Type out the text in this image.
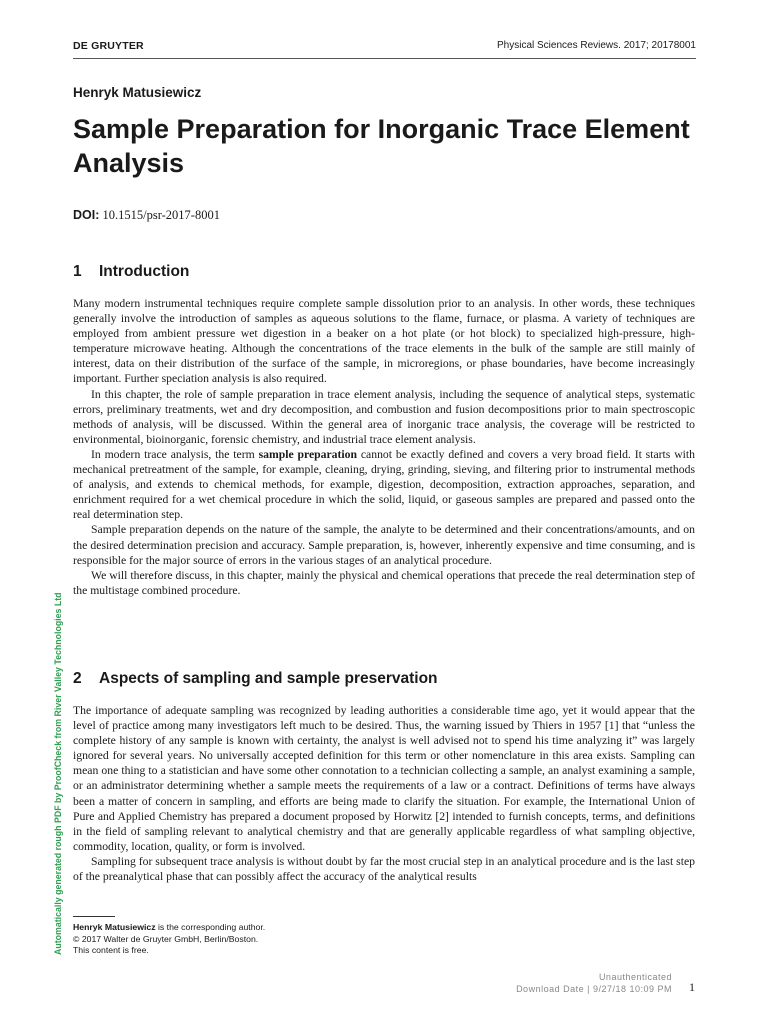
DE GRUYTER	Physical Sciences Reviews. 2017; 20178001
Henryk Matusiewicz
Sample Preparation for Inorganic Trace Element Analysis
DOI: 10.1515/psr-2017-8001
1 Introduction

Many modern instrumental techniques require complete sample dissolution prior to an analysis. In other words, these techniques generally involve the introduction of samples as aqueous solutions to the flame, furnace, or plasma. A variety of techniques are employed from ambient pressure wet digestion in a beaker on a hot plate (or hot block) to specialized high-pressure, high-temperature microwave heating. Although the concentrations of the trace elements in the bulk of the sample are still mainly of interest, data on their distribution of the surface of the sample, in microregions, or phase boundaries, have become increasingly important. Further speciation analysis is also required.

In this chapter, the role of sample preparation in trace element analysis, including the sequence of analytical steps, systematic errors, preliminary treatments, wet and dry decomposition, and combustion and fusion decompositions prior to main spectroscopic methods of analysis, will be discussed. Within the general area of inorganic trace analysis, the coverage will be restricted to environmental, bioinorganic, forensic chemistry, and industrial trace element analysis.

In modern trace analysis, the term sample preparation cannot be exactly defined and covers a very broad field. It starts with mechanical pretreatment of the sample, for example, cleaning, drying, grinding, sieving, and filtering prior to instrumental methods of analysis, and extends to chemical methods, for example, digestion, decomposition, extraction approaches, separation, and enrichment required for a wet chemical procedure in which the solid, liquid, or gaseous samples are prepared and passed onto the real determination step.

Sample preparation depends on the nature of the sample, the analyte to be determined and their concentrations/amounts, and on the desired determination precision and accuracy. Sample preparation, is, however, inherently expensive and time consuming, and is responsible for the major source of errors in the various stages of an analytical procedure.

We will therefore discuss, in this chapter, mainly the physical and chemical operations that precede the real determination step of the multistage combined procedure.

2 Aspects of sampling and sample preservation

The importance of adequate sampling was recognized by leading authorities a considerable time ago, yet it would appear that the level of practice among many investigators left much to be desired. Thus, the warning issued by Thiers in 1957 [1] that “unless the complete history of any sample is known with certainty, the analyst is well advised not to spend his time analyzing it” was largely ignored for several years. No universally accepted definition for this term or other nomenclature in this area exists. Sampling can mean one thing to a statistician and have some other connotation to a technician collecting a sample, an analyst examining a sample, or an administrator determining whether a sample meets the requirements of a law or a contract. Definitions of terms have always been a matter of concern in sampling, and efforts are being made to clarify the situation. For example, the International Union of Pure and Applied Chemistry has prepared a document proposed by Horwitz [2] intended to furnish concepts, terms, and definitions in the field of sampling relevant to analytical chemistry and that are generally applicable regardless of what sampling objective, commodity, location, quality, or form is involved.

Sampling for subsequent trace analysis is without doubt by far the most crucial step in an analytical procedure and is the last step of the preanalytical phase that can possibly affect the accuracy of the analytical results

Henryk Matusiewicz is the corresponding author.
© 2017 Walter de Gruyter GmbH, Berlin/Boston.
This content is free.
Automatically generated rough PDF by ProofCheck from River Valley Technologies Ltd
Unauthenticated
Download Date | 9/27/18 10:09 PM 1
